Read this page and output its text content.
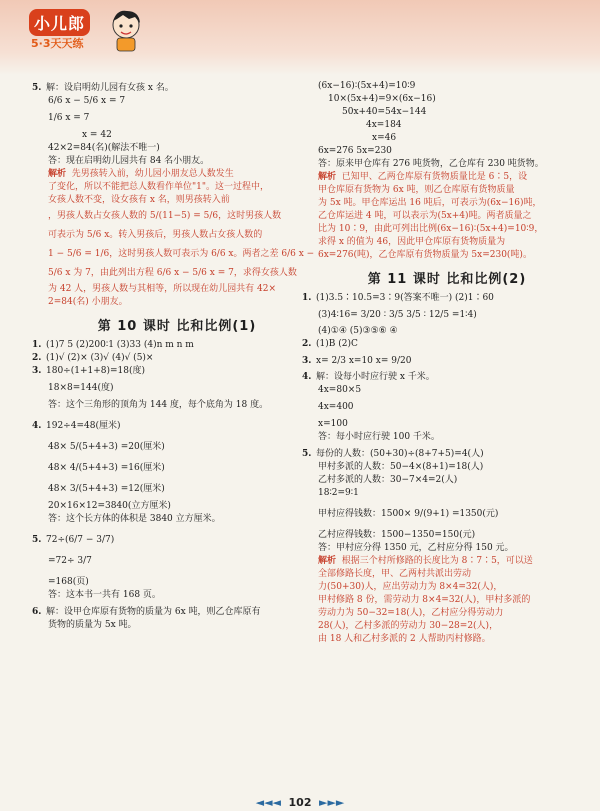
小儿郎
5·3天天练
5. 解：设启明幼儿园有女孩 x 名。
6/6 x − 5/6 x = 7
1/6 x = 7
x = 42
42×2=84(名)(解法不唯一)
答：现在启明幼儿园共有 84 名小朋友。
解析 先男孩转入前，幼儿园小朋友总人数发生
了变化，所以不能把总人数看作单位"1"。这一过程中，
女孩人数不变，设女孩有 x 名，则男孩转入前
，男孩人数占女孩人数的 5/(11−5) = 5/6，这时男孩人数
可表示为 5/6 x。转入男孩后，男孩人数占女孩人数的
1 − 5/6 = 1/6，这时男孩人数可表示为 6/6 x。两者之差 6/6 x −
5/6 x 为 7，由此列出方程 6/6 x − 5/6 x = 7，求得女孩人数
为 42 人，男孩人数与其相等，所以现在幼儿园共有 42×
2=84(名) 小朋友。
第 10 课时 比和比例(1)
1. (1)7 5 (2)200∶1 (3)33 (4)n m n m
2. (1)√ (2)× (3)√ (4)√ (5)×
3. 180÷(1+1+8)=18(度)
18×8=144(度)
答：这个三角形的顶角为 144 度，每个底角为 18 度。
4. 192÷4=48(厘米)
48× 5/(5+4+3) =20(厘米)
48× 4/(5+4+3) =16(厘米)
48× 3/(5+4+3) =12(厘米)
20×16×12=3840(立方厘米)
答：这个长方体的体积是 3840 立方厘米。
5. 72÷(6/7 − 3/7)
=72÷ 3/7
=168(页)
答：这本书一共有 168 页。
6. 解：设甲仓库原有货物的质量为 6x 吨，则乙仓库原有
货物的质量为 5x 吨。
(6x−16)∶(5x+4)=10∶9
10×(5x+4)=9×(6x−16)
50x+40=54x−144
4x=184
x=46
6x=276 5x=230
答：原来甲仓库有 276 吨货物，乙仓库有 230 吨货物。
解析 已知甲、乙两仓库原有货物质量比是 6∶5，设
甲仓库原有货物为 6x 吨，则乙仓库原有货物质量
为 5x 吨。甲仓库运出 16 吨后，可表示为(6x−16)吨，
乙仓库运进 4 吨，可以表示为(5x+4)吨。两者质量之
比为 10∶9，由此可列出比例(6x−16)∶(5x+4)=10∶9，
求得 x 的值为 46，因此甲仓库原有货物质量为
6x=276(吨)，乙仓库原有货物质量为 5x=230(吨)。
第 11 课时 比和比例(2)
1. (1)3.5∶10.5=3∶9(答案不唯一) (2)1∶60
(3)4∶16= 3/20 ∶ 3/5 3/5 ∶ 12/5 =1∶4)
(4)①④ (5)③⑤⑥ ④
2. (1)B (2)C
3. x= 2/3 x=10 x= 9/20
4. 解：设每小时应行驶 x 千米。
4x=80×5
4x=400
x=100
答：每小时应行驶 100 千米。
5. 每份的人数：(50+30)÷(8+7+5)=4(人)
甲村多派的人数：50−4×(8+1)=18(人)
乙村多派的人数：30−7×4=2(人)
18∶2=9∶1
甲村应得钱数：1500× 9/(9+1) =1350(元)
乙村应得钱数：1500−1350=150(元)
答：甲村应分得 1350 元，乙村应分得 150 元。
解析 根据三个村所修路的长度比为 8∶7∶5，可以送
全部修路长度，甲、乙两村共派出劳动
力(50+30)人，应出劳动力为 8×4=32(人)，
甲村修路 8 份，需劳动力 8×4=32(人)，甲村多派的
劳动力为 50−32=18(人)，乙村应分得劳动力
28(人)，乙村多派的劳动力 30−28=2(人)，
由 18 人和乙村多派的 2 人帮助丙村修路。
◄◄◄ 102 ►►►
